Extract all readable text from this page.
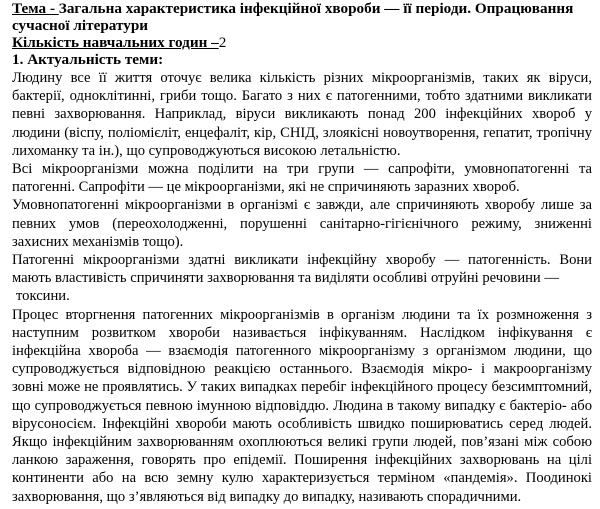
Тема - Загальна характеристика інфекційної хвороби — її періоди. Опрацювання сучасної літератури

Кількість навчальних годин –2

1. Актуальність теми:

Людину все її життя оточує велика кількість різних мікроорганізмів, таких як віруси, бактерії, одноклітинні, гриби тощо. Багато з них є патогенними, тобто здатними викликати певні захворювання. Наприклад, віруси викликають понад 200 інфекційних хвороб у людини (віспу, поліомієліт, енцефаліт, кір, СНІД, злоякісні новоутворення, гепатит, тропічну лихоманку та ін.), що супроводжуються високою летальністю.

Всі мікроорганізми можна поділити на три групи — сапрофіти, умовнопатогенні та патогенні. Сапрофіти — це мікроорганізми, які не спричиняють заразних хвороб.

Умовнопатогенні мікроорганізми в організмі є завжди, але спричиняють хворобу лише за певних умов (переохолодженні, порушенні санітарно-гігієнічного режиму, зниженні захисних механізмів тощо).

Патогенні мікроорганізми здатні викликати інфекційну хворобу — патогенність. Вони мають властивість спричиняти захворювання та виділяти особливі отруйні речовини —

токсини.

Процес вторгнення патогенних мікроорганізмів в організм людини та їх розмноження з наступним розвитком хвороби називається інфікуванням. Наслідком інфікування є інфекційна хвороба — взаємодія патогенного мікроорганізму з організмом людини, що супроводжується відповідною реакцією останнього. Взаємодія мікро- і макроорганізму зовні може не проявлятись. У таких випадках перебіг інфекційного процесу безсимптомний, що супроводжується певною імунною відповіддю. Людина в такому випадку є бактеріо- або вірусоносієм. Інфекційні хвороби мають особливість швидко поширюватись серед людей. Якщо інфекційним захворюванням охоплюються великі групи людей, пов’язані між собою ланкою зараження, говорять про епідемії. Поширення інфекційних захворювань на цілі континенти або на всю земну кулю характеризується терміном «пандемія». Поодинокі захворювання, що з’являються від випадку до випадку, називають спорадичними.
